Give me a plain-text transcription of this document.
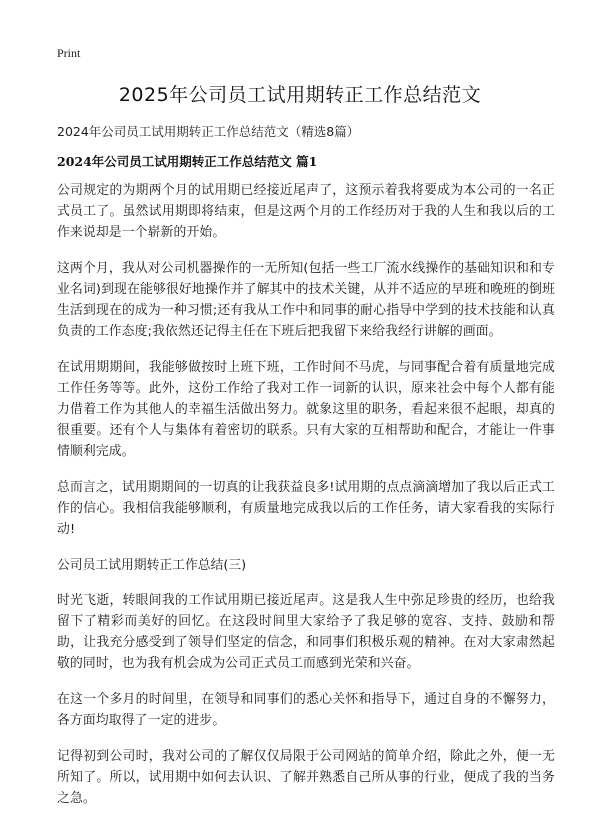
Print
2025年公司员工试用期转正工作总结范文

2024年公司员工试用期转正工作总结范文（精选8篇）

2024年公司员工试用期转正工作总结范文 篇1

公司规定的为期两个月的试用期已经接近尾声了，这预示着我将要成为本公司的一名正式员工了。虽然试用期即将结束，但是这两个月的工作经历对于我的人生和我以后的工作来说却是一个崭新的开始。

这两个月，我从对公司机器操作的一无所知(包括一些工厂流水线操作的基础知识和和专业名词)到现在能够很好地操作并了解其中的技术关键，从并不适应的早班和晚班的倒班生活到现在的成为一种习惯;还有我从工作中和同事的耐心指导中学到的技术技能和认真负责的工作态度;我依然还记得主任在下班后把我留下来给我经行讲解的画面。

在试用期期间，我能够做按时上班下班，工作时间不马虎，与同事配合着有质量地完成工作任务等等。此外，这份工作给了我对工作一词新的认识，原来社会中每个人都有能力借着工作为其他人的幸福生活做出努力。就象这里的职务，看起来很不起眼，却真的很重要。还有个人与集体有着密切的联系。只有大家的互相帮助和配合，才能让一件事情顺利完成。

总而言之，试用期期间的一切真的让我获益良多!试用期的点点滴滴增加了我以后正式工作的信心。我相信我能够顺利，有质量地完成我以后的工作任务，请大家看我的实际行动!

公司员工试用期转正工作总结(三)

时光飞逝，转眼间我的工作试用期已接近尾声。这是我人生中弥足珍贵的经历，也给我留下了精彩而美好的回忆。在这段时间里大家给予了我足够的宽容、支持、鼓励和帮助，让我充分感受到了领导们坚定的信念，和同事们积极乐观的精神。在对大家肃然起敬的同时，也为我有机会成为公司正式员工而感到光荣和兴奋。

在这一个多月的时间里，在领导和同事们的悉心关怀和指导下，通过自身的不懈努力，各方面均取得了一定的进步。

记得初到公司时，我对公司的了解仅仅局限于公司网站的简单介绍，除此之外，便一无所知了。所以，试用期中如何去认识、了解并熟悉自己所从事的行业，便成了我的当务之急。
